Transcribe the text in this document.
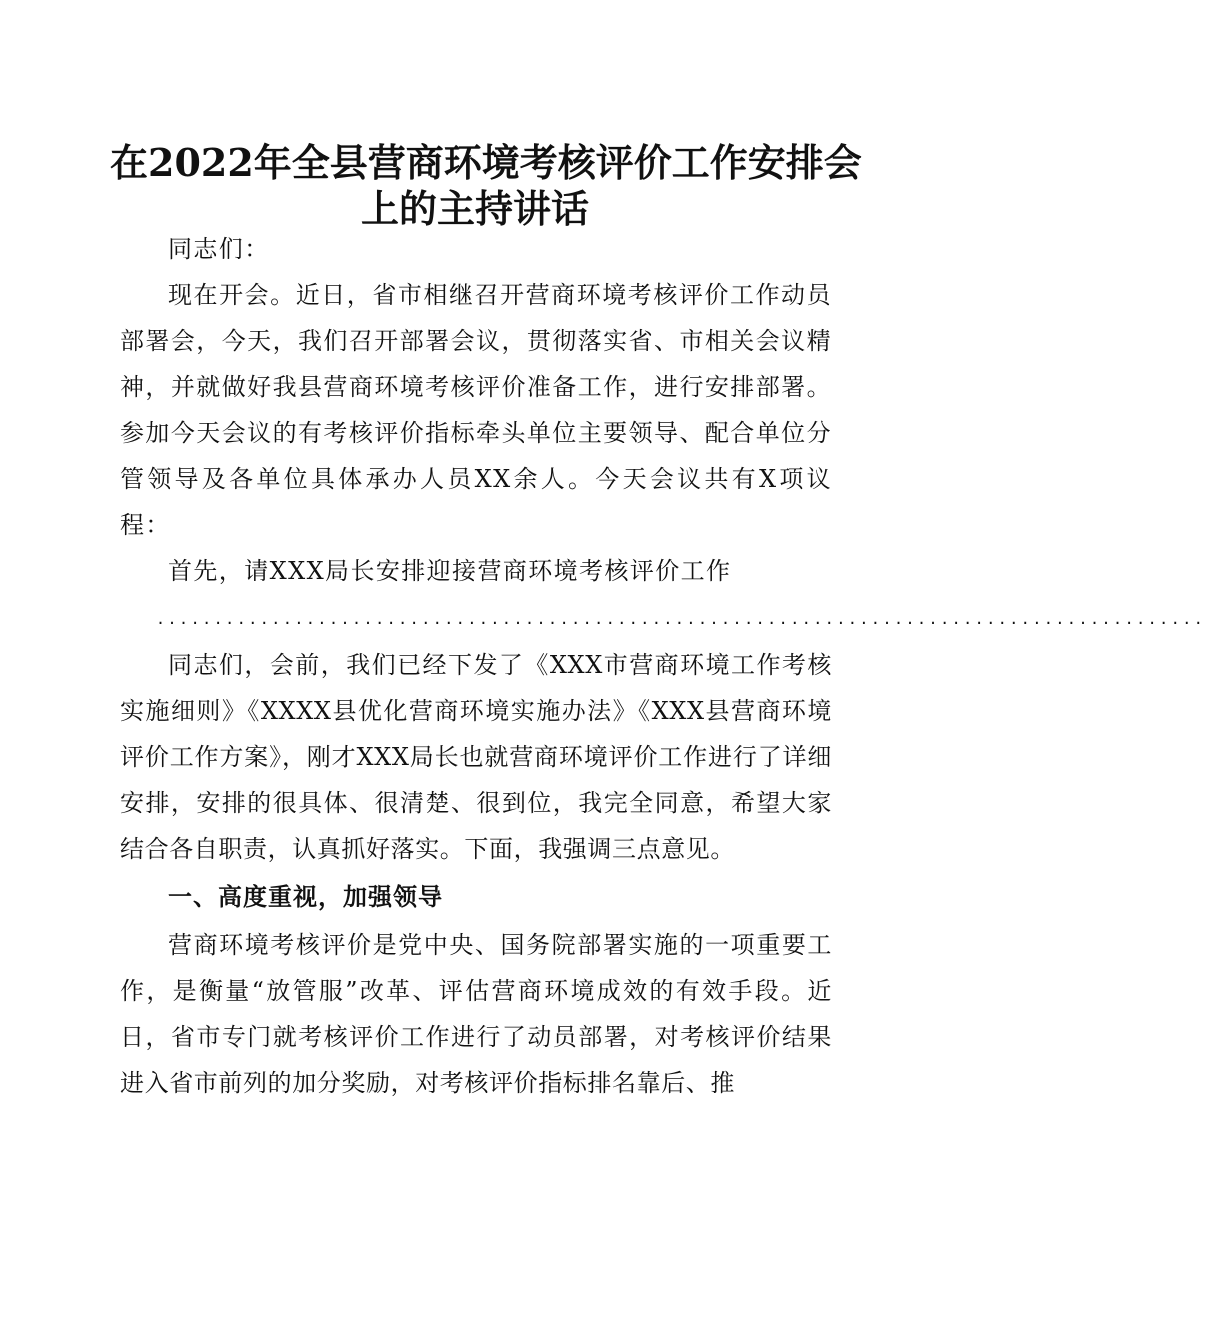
在2022年全县营商环境考核评价工作安排会
上的主持讲话

同志们：

现在开会。近日，省市相继召开营商环境考核评价工作动员部署会，今天，我们召开部署会议，贯彻落实省、市相关会议精神，并就做好我县营商环境考核评价准备工作，进行安排部署。参加今天会议的有考核评价指标牵头单位主要领导、配合单位分管领导及各单位具体承办人员XX余人。今天会议共有X项议程：

首先，请XXX局长安排迎接营商环境考核评价工作

...........................................................................................

同志们，会前，我们已经下发了《XXX市营商环境工作考核实施细则》《XXXX县优化营商环境实施办法》《XXX县营商环境评价工作方案》，刚才XXX局长也就营商环境评价工作进行了详细安排，安排的很具体、很清楚、很到位，我完全同意，希望大家结合各自职责，认真抓好落实。下面，我强调三点意见。

一、高度重视，加强领导

营商环境考核评价是党中央、国务院部署实施的一项重要工作，是衡量“放管服”改革、评估营商环境成效的有效手段。近日，省市专门就考核评价工作进行了动员部署，对考核评价结果进入省市前列的加分奖励，对考核评价指标排名靠后、推
